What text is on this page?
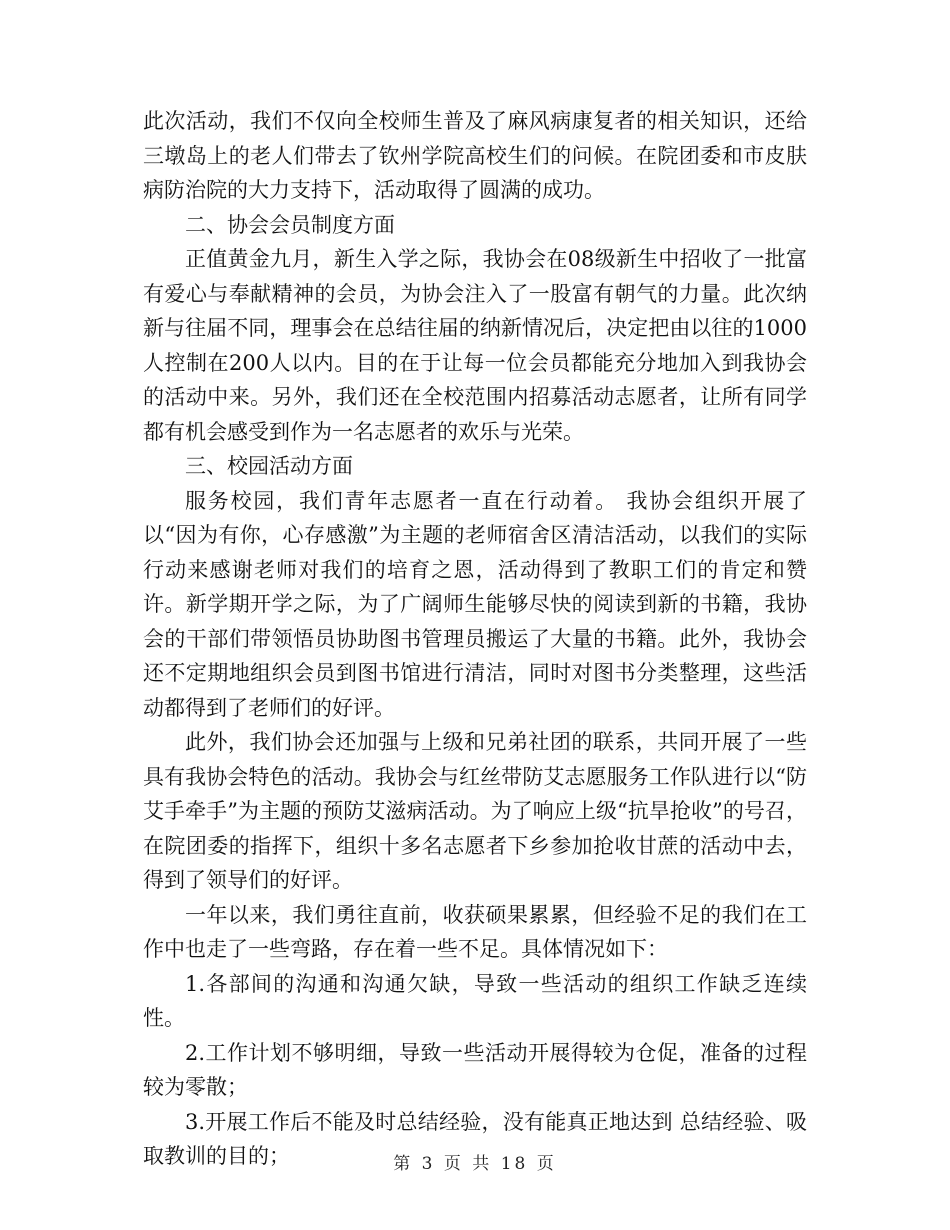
此次活动，我们不仅向全校师生普及了麻风病康复者的相关知识，还给三墩岛上的老人们带去了钦州学院高校生们的问候。在院团委和市皮肤病防治院的大力支持下，活动取得了圆满的成功。

二、协会会员制度方面

正值黄金九月，新生入学之际，我协会在08级新生中招收了一批富有爱心与奉献精神的会员，为协会注入了一股富有朝气的力量。此次纳新与往届不同，理事会在总结往届的纳新情况后，决定把由以往的1000人控制在200人以内。目的在于让每一位会员都能充分地加入到我协会的活动中来。另外，我们还在全校范围内招募活动志愿者，让所有同学都有机会感受到作为一名志愿者的欢乐与光荣。

三、校园活动方面

服务校园，我们青年志愿者一直在行动着。 我协会组织开展了以“因为有你，心存感激”为主题的老师宿舍区清洁活动，以我们的实际行动来感谢老师对我们的培育之恩，活动得到了教职工们的肯定和赞许。新学期开学之际，为了广阔师生能够尽快的阅读到新的书籍，我协会的干部们带领悟员协助图书管理员搬运了大量的书籍。此外，我协会还不定期地组织会员到图书馆进行清洁，同时对图书分类整理，这些活动都得到了老师们的好评。

此外，我们协会还加强与上级和兄弟社团的联系，共同开展了一些具有我协会特色的活动。我协会与红丝带防艾志愿服务工作队进行以“防艾手牵手”为主题的预防艾滋病活动。为了响应上级“抗旱抢收”的号召，在院团委的指挥下，组织十多名志愿者下乡参加抢收甘蔗的活动中去，得到了领导们的好评。

一年以来，我们勇往直前，收获硕果累累，但经验不足的我们在工作中也走了一些弯路，存在着一些不足。具体情况如下：

1.各部间的沟通和沟通欠缺，导致一些活动的组织工作缺乏连续性。

2.工作计划不够明细，导致一些活动开展得较为仓促，准备的过程较为零散；

3.开展工作后不能及时总结经验，没有能真正地达到 总结经验、吸取教训的目的；	第 3 页 共 18 页
